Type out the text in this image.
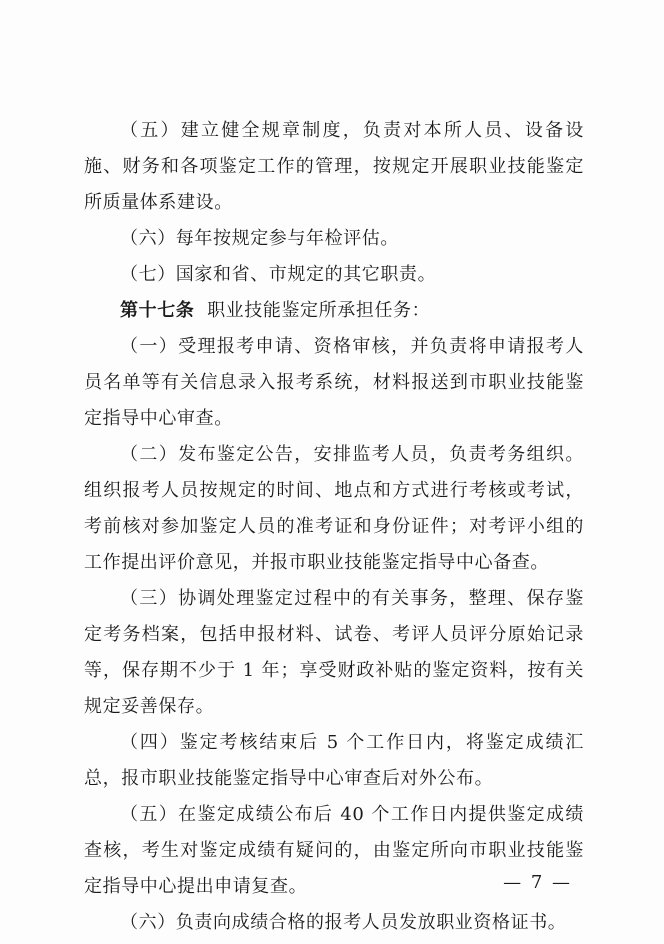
（五）建立健全规章制度，负责对本所人员、设备设施、财务和各项鉴定工作的管理，按规定开展职业技能鉴定所质量体系建设。

（六）每年按规定参与年检评估。

（七）国家和省、市规定的其它职责。

第十七条 职业技能鉴定所承担任务：

（一）受理报考申请、资格审核，并负责将申请报考人员名单等有关信息录入报考系统，材料报送到市职业技能鉴定指导中心审查。

（二）发布鉴定公告，安排监考人员，负责考务组织。组织报考人员按规定的时间、地点和方式进行考核或考试，考前核对参加鉴定人员的准考证和身份证件；对考评小组的工作提出评价意见，并报市职业技能鉴定指导中心备查。

（三）协调处理鉴定过程中的有关事务，整理、保存鉴定考务档案，包括申报材料、试卷、考评人员评分原始记录等，保存期不少于 1 年；享受财政补贴的鉴定资料，按有关规定妥善保存。

（四）鉴定考核结束后 5 个工作日内，将鉴定成绩汇总，报市职业技能鉴定指导中心审查后对外公布。

（五）在鉴定成绩公布后 40 个工作日内提供鉴定成绩查核，考生对鉴定成绩有疑问的，由鉴定所向市职业技能鉴定指导中心提出申请复查。

（六）负责向成绩合格的报考人员发放职业资格证书。

— 7 —
